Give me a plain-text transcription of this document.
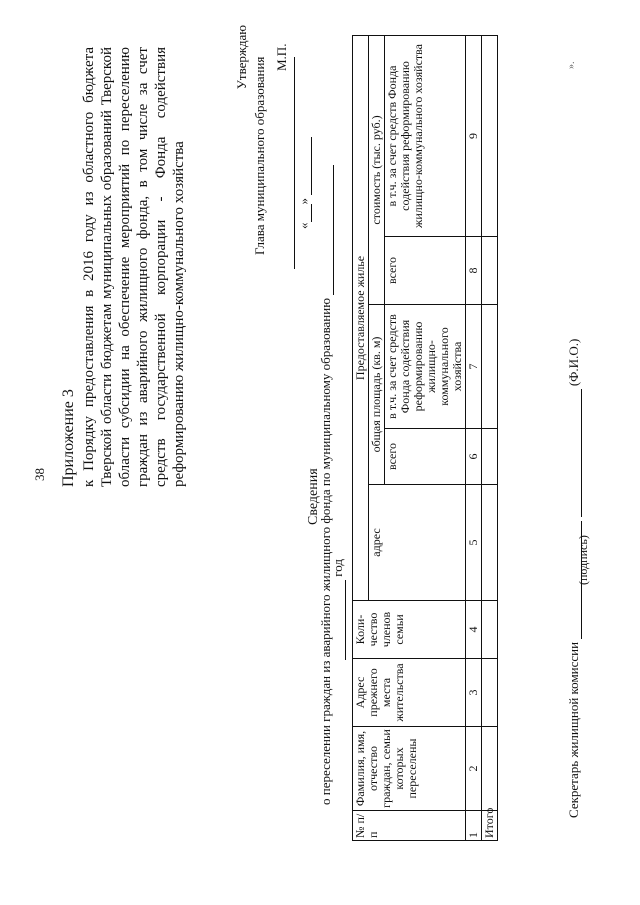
38 Приложение 3 к Порядку предоставления в 2016 году из областного бюджета Тверской области бюджетам муниципальных образований Тверской области субсидии на обеспечение мероприятий по переселению граждан из аварийного жилищного фонда, в том числе за счет средств государственной корпорации - Фонда содействия реформированию жилищно-коммунального хозяйства
Утверждаю Глава муниципального образования М.П.
«»
Сведения
о переселении граждан из аварийного жилищного фонда по муниципальному образованию
год
№ п/п	Фамилия, имя, отчество граждан, семьи которых переселены	Адрес прежнего места жительства	Коли-чество членов семьи	Предоставляемое жилье				
				адрес	общая площадь (кв. м)		стоимость (тыс. руб.)	
					всего	в т.ч. за счет средств Фонда содействия реформированию жилищно-коммунального хозяйства	всего	в т.ч. за счет средств Фонда содействия реформированию жилищно-коммунального хозяйства
1	2	3	4	5	6	7	8	9
Итого								
Секретарь жилищной комиссии   (Ф.И.О.)
(подпись)
».
